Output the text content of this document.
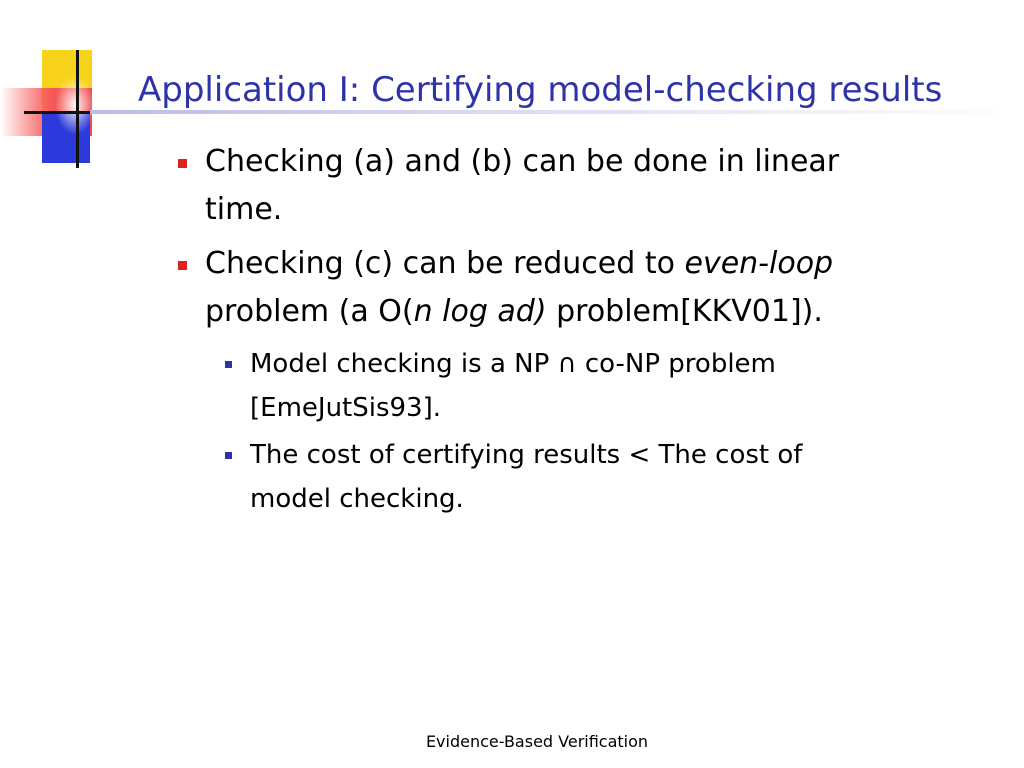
Application I: Certifying model-checking results
Checking (a) and (b) can be done in linear time.
Checking (c) can be reduced to even-loop problem (a O(n log ad) problem[KKV01]).
Model checking is a NP ∩ co-NP problem [EmeJutSis93].
The cost of certifying results < The cost of model checking.
Evidence-Based Verification
